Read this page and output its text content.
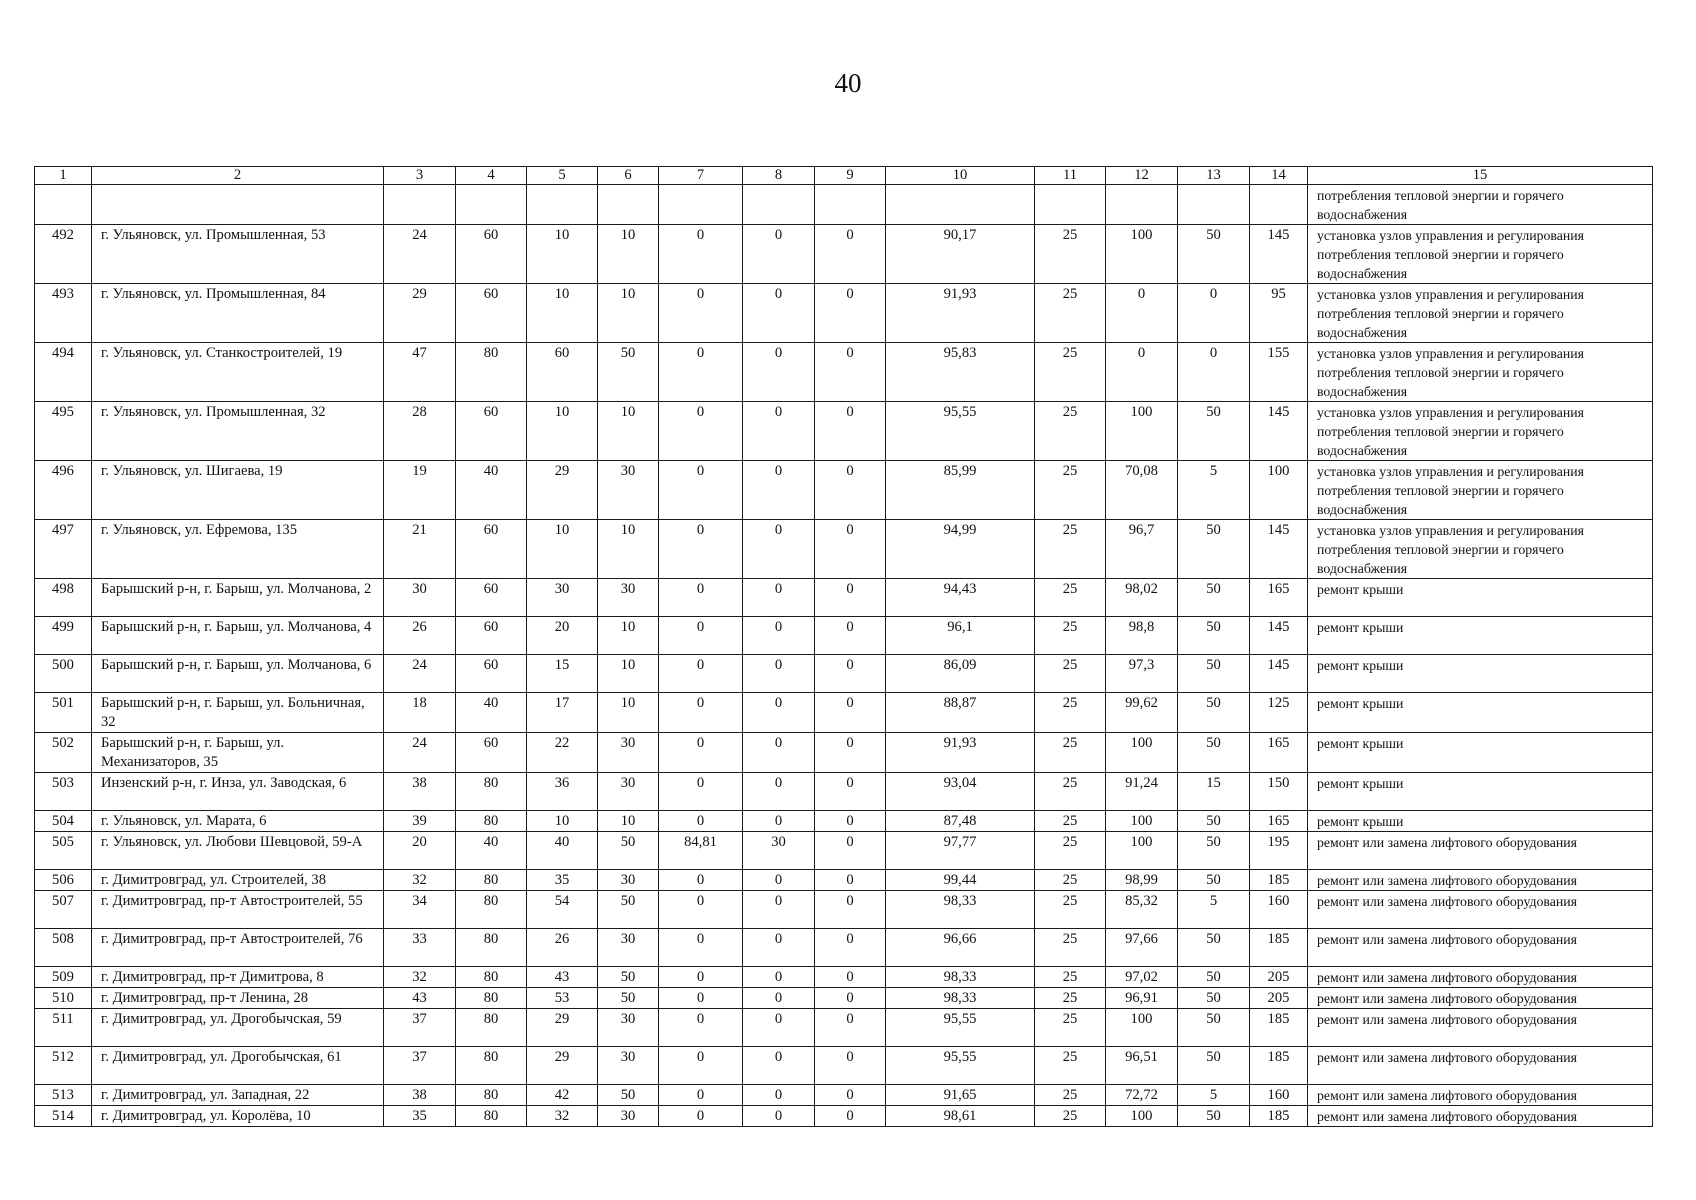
40
1	2	3	4	5	6	7	8	9	10	11	12	13	14	15
														потребления тепловой энергии и горячего водоснабжения
492	г. Ульяновск, ул. Промышленная, 53	24	60	10	10	0	0	0	90,17	25	100	50	145	установка узлов управления и регулирования потребления тепловой энергии и горячего водоснабжения
493	г. Ульяновск, ул. Промышленная, 84	29	60	10	10	0	0	0	91,93	25	0	0	95	установка узлов управления и регулирования потребления тепловой энергии и горячего водоснабжения
494	г. Ульяновск, ул. Станкостроителей, 19	47	80	60	50	0	0	0	95,83	25	0	0	155	установка узлов управления и регулирования потребления тепловой энергии и горячего водоснабжения
495	г. Ульяновск, ул. Промышленная, 32	28	60	10	10	0	0	0	95,55	25	100	50	145	установка узлов управления и регулирования потребления тепловой энергии и горячего водоснабжения
496	г. Ульяновск, ул. Шигаева, 19	19	40	29	30	0	0	0	85,99	25	70,08	5	100	установка узлов управления и регулирования потребления тепловой энергии и горячего водоснабжения
497	г. Ульяновск, ул. Ефремова, 135	21	60	10	10	0	0	0	94,99	25	96,7	50	145	установка узлов управления и регулирования потребления тепловой энергии и горячего водоснабжения
498	Барышский р-н, г. Барыш, ул. Молчанова, 2	30	60	30	30	0	0	0	94,43	25	98,02	50	165	ремонт крыши
499	Барышский р-н, г. Барыш, ул. Молчанова, 4	26	60	20	10	0	0	0	96,1	25	98,8	50	145	ремонт крыши
500	Барышский р-н, г. Барыш, ул. Молчанова, 6	24	60	15	10	0	0	0	86,09	25	97,3	50	145	ремонт крыши
501	Барышский р-н, г. Барыш, ул. Больничная, 32	18	40	17	10	0	0	0	88,87	25	99,62	50	125	ремонт крыши
502	Барышский р-н, г. Барыш, ул. Механизаторов, 35	24	60	22	30	0	0	0	91,93	25	100	50	165	ремонт крыши
503	Инзенский р-н, г. Инза, ул. Заводская, 6	38	80	36	30	0	0	0	93,04	25	91,24	15	150	ремонт крыши
504	г. Ульяновск, ул. Марата, 6	39	80	10	10	0	0	0	87,48	25	100	50	165	ремонт крыши
505	г. Ульяновск, ул. Любови Шевцовой, 59-А	20	40	40	50	84,81	30	0	97,77	25	100	50	195	ремонт или замена лифтового оборудования
506	г. Димитровград, ул. Строителей, 38	32	80	35	30	0	0	0	99,44	25	98,99	50	185	ремонт или замена лифтового оборудования
507	г. Димитровград, пр-т Автостроителей, 55	34	80	54	50	0	0	0	98,33	25	85,32	5	160	ремонт или замена лифтового оборудования
508	г. Димитровград, пр-т Автостроителей, 76	33	80	26	30	0	0	0	96,66	25	97,66	50	185	ремонт или замена лифтового оборудования
509	г. Димитровград, пр-т Димитрова, 8	32	80	43	50	0	0	0	98,33	25	97,02	50	205	ремонт или замена лифтового оборудования
510	г. Димитровград, пр-т Ленина, 28	43	80	53	50	0	0	0	98,33	25	96,91	50	205	ремонт или замена лифтового оборудования
511	г. Димитровград, ул. Дрогобычская, 59	37	80	29	30	0	0	0	95,55	25	100	50	185	ремонт или замена лифтового оборудования
512	г. Димитровград, ул. Дрогобычская, 61	37	80	29	30	0	0	0	95,55	25	96,51	50	185	ремонт или замена лифтового оборудования
513	г. Димитровград, ул. Западная, 22	38	80	42	50	0	0	0	91,65	25	72,72	5	160	ремонт или замена лифтового оборудования
514	г. Димитровград, ул. Королёва, 10	35	80	32	30	0	0	0	98,61	25	100	50	185	ремонт или замена лифтового оборудования
